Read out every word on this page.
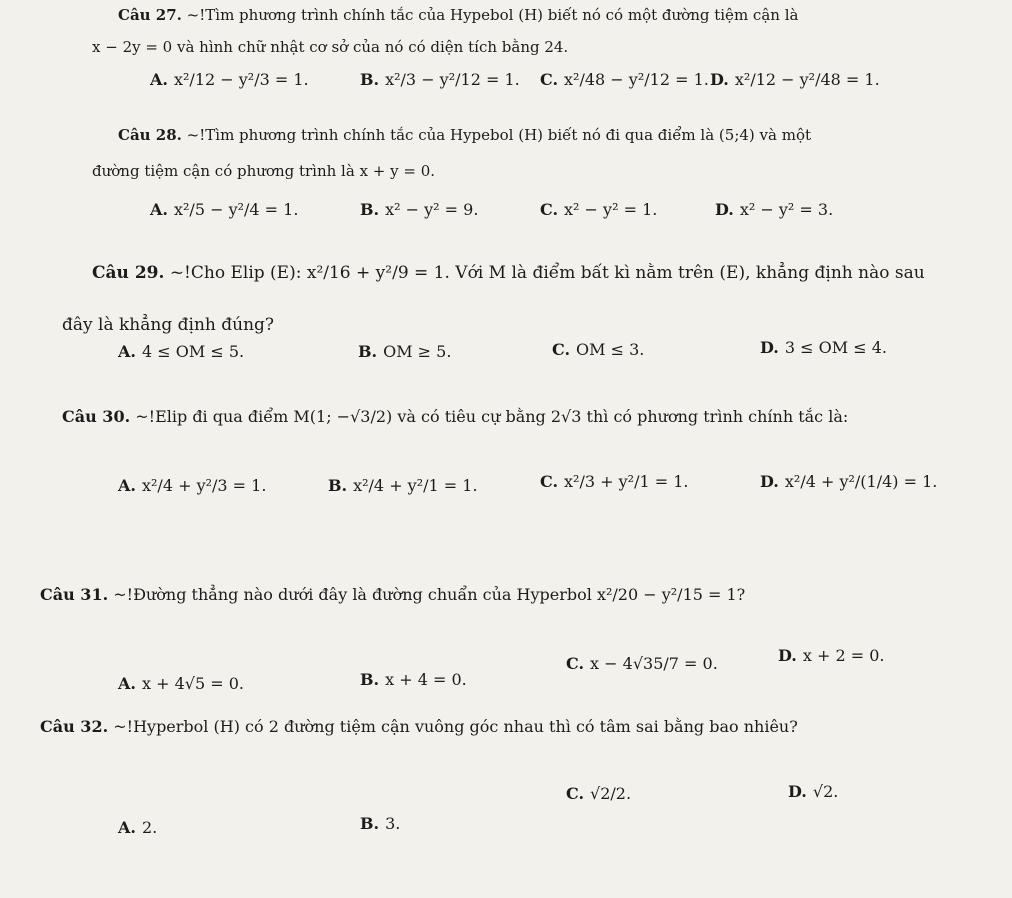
Câu 27. ~!Tìm phương trình chính tắc của Hypebol (H) biết nó có một đường tiệm cận là
x − 2y = 0 và hình chữ nhật cơ sở của nó có diện tích bằng 24.
A. x²/12 − y²/3 = 1.	B. x²/3 − y²/12 = 1. C. x²/48 − y²/12 = 1. D. x²/12 − y²/48 = 1.
Câu 28. ~!Tìm phương trình chính tắc của Hypebol (H) biết nó đi qua điểm là (5;4) và một
đường tiệm cận có phương trình là x + y = 0.
A. x²/5 − y²/4 = 1.	B. x² − y² = 9.	C. x² − y² = 1.	D. x² − y² = 3.
Câu 29. ~!Cho Elip (E): x²/16 + y²/9 = 1. Với M là điểm bất kì nằm trên (E), khẳng định nào sau
đây là khẳng định đúng?
A. 4 ≤ OM ≤ 5.	B. OM ≥ 5.	C. OM ≤ 3.	D. 3 ≤ OM ≤ 4.
Câu 30. ~!Elip đi qua điểm M(1; −√3/2) và có tiêu cự bằng 2√3 thì có phương trình chính tắc là:
A. x²/4 + y²/3 = 1.	B. x²/4 + y²/1 = 1.	C. x²/3 + y²/1 = 1.	D. x²/4 + y²/(1/4) = 1.
Câu 31. ~!Đường thẳng nào dưới đây là đường chuẩn của Hyperbol x²/20 − y²/15 = 1?
A. x + 4√5 = 0.	B. x + 4 = 0.
C. x − 4√35/7 = 0.	D. x + 2 = 0.
Câu 32. ~!Hyperbol (H) có 2 đường tiệm cận vuông góc nhau thì có tâm sai bằng bao nhiêu?
A. 2.	B. 3.
C. √2/2.	D. √2.
